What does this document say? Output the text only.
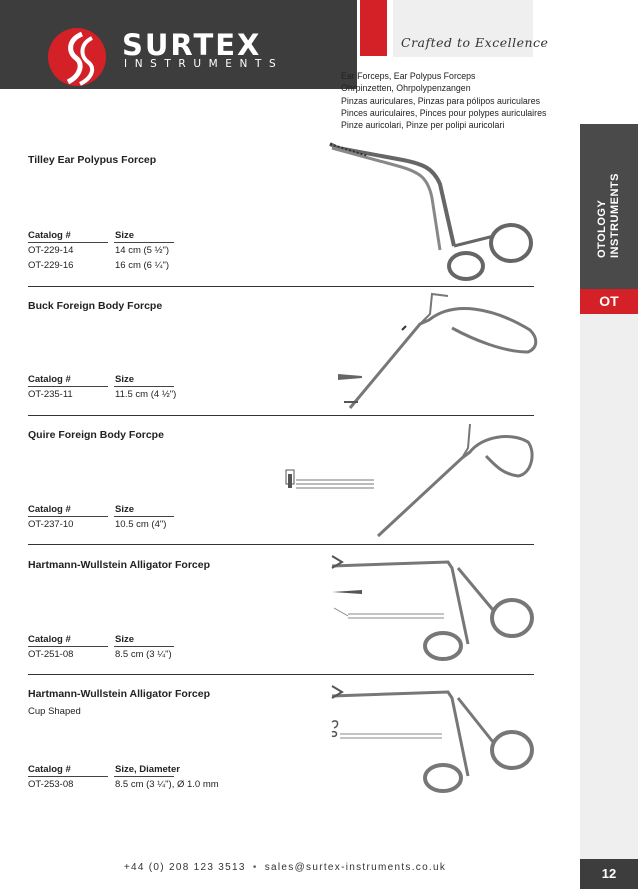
SURTEX
INSTRUMENTS
Crafted to Excellence
Ear Forceps, Ear Polypus Forceps
Ohrpinzetten, Ohrpolypenzangen
Pinzas auriculares, Pinzas para pólipos auriculares
Pinces auriculaires, Pinces pour polypes auriculaires
Pinze auricolari, Pinze per polipi auricolari
OTOLOGY INSTRUMENTS
OT
Tilley Ear Polypus Forcep
Catalog #	Size
OT-229-14	14 cm (5 ½")
OT-229-16	16 cm (6 ¼")
Buck Foreign Body Forcpe
Catalog #	Size
OT-235-11	11.5 cm (4 ½")
Quire Foreign Body Forcpe
Catalog #	Size
OT-237-10	10.5 cm (4")
Hartmann-Wullstein Alligator Forcep
Catalog #	Size
OT-251-08	8.5 cm (3 ¼")
Hartmann-Wullstein Alligator Forcep
Cup Shaped
Catalog #	Size, Diameter
OT-253-08	8.5 cm (3 ¼"), Ø 1.0 mm
+44 (0) 208 123 3513 • sales@surtex-instruments.co.uk	12
